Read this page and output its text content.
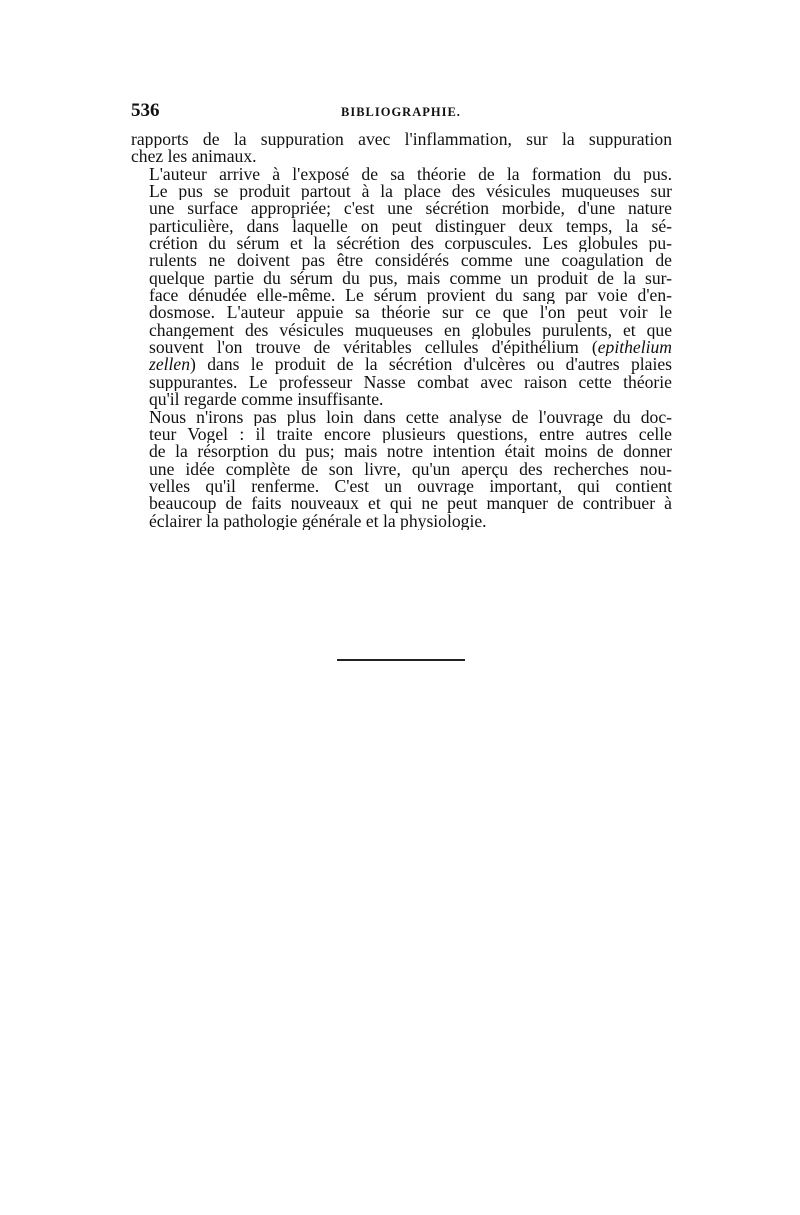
536	BIBLIOGRAPHIE.

rapports de la suppuration avec l'inflammation, sur la suppuration
chez les animaux.

L'auteur arrive à l'exposé de sa théorie de la formation du pus.
Le pus se produit partout à la place des vésicules muqueuses sur
une surface appropriée; c'est une sécrétion morbide, d'une nature
particulière, dans laquelle on peut distinguer deux temps, la sé-
crétion du sérum et la sécrétion des corpuscules. Les globules pu-
rulents ne doivent pas être considérés comme une coagulation de
quelque partie du sérum du pus, mais comme un produit de la sur-
face dénudée elle-même. Le sérum provient du sang par voie d'en-
dosmose. L'auteur appuie sa théorie sur ce que l'on peut voir le
changement des vésicules muqueuses en globules purulents, et que
souvent l'on trouve de véritables cellules d'épithélium (epithelium
zellen) dans le produit de la sécrétion d'ulcères ou d'autres plaies
suppurantes. Le professeur Nasse combat avec raison cette théorie
qu'il regarde comme insuffisante.

Nous n'irons pas plus loin dans cette analyse de l'ouvrage du doc-
teur Vogel : il traite encore plusieurs questions, entre autres celle
de la résorption du pus; mais notre intention était moins de donner
une idée complète de son livre, qu'un aperçu des recherches nou-
velles qu'il renferme. C'est un ouvrage important, qui contient
beaucoup de faits nouveaux et qui ne peut manquer de contribuer à
éclairer la pathologie générale et la physiologie.
